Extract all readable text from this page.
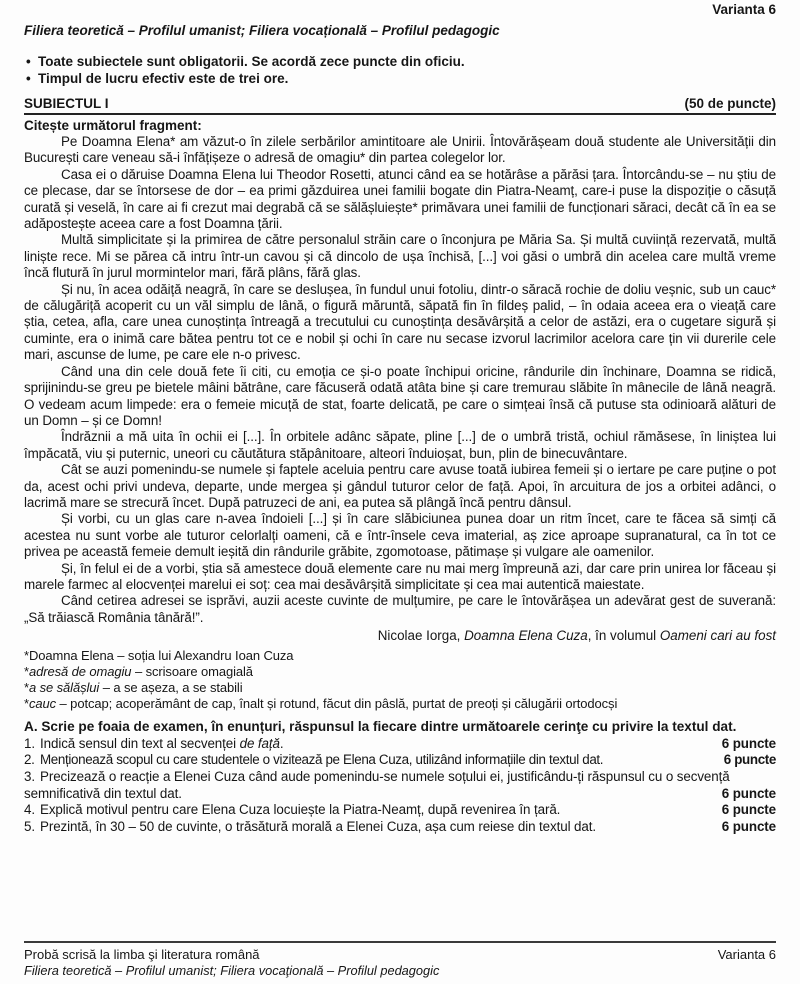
Varianta 6
Filiera teoretică – Profilul umanist; Filiera vocațională – Profilul pedagogic
• Toate subiectele sunt obligatorii. Se acordă zece puncte din oficiu.
• Timpul de lucru efectiv este de trei ore.
SUBIECTUL I	(50 de puncte)
Citește următorul fragment:

Pe Doamna Elena* am văzut-o în zilele serbărilor amintitoare ale Unirii. Întovărășeam două studente ale Universității din București care veneau să-i înfățișeze o adresă de omagiu* din partea colegelor lor.

Casa ei o dăruise Doamna Elena lui Theodor Rosetti, atunci când ea se hotărâse a părăsi țara. Întorcându-se – nu știu de ce plecase, dar se întorsese de dor – ea primi găzduirea unei familii bogate din Piatra-Neamț, care-i puse la dispoziție o căsuță curată și veselă, în care ai fi crezut mai degrabă că se sălășluiește* primăvara unei familii de funcționari săraci, decât că în ea se adăpostește aceea care a fost Doamna țării.

Multă simplicitate și la primirea de către personalul străin care o înconjura pe Măria Sa. Și multă cuviință rezervată, multă liniște rece. Mi se părea că intru într-un cavou și că dincolo de ușa închisă, [...] voi găsi o umbră din acelea care multă vreme încă flutură în jurul mormintelor mari, fără plâns, fără glas.

Și nu, în acea odăiță neagră, în care se deslușea, în fundul unui fotoliu, dintr-o săracă rochie de doliu veșnic, sub un cauc* de călugăriță acoperit cu un văl simplu de lână, o figură măruntă, săpată fin în fildeș palid, – în odaia aceea era o vieață care știa, cetea, afla, care unea cunoștința întreagă a trecutului cu cunoștința desăvârșită a celor de astăzi, era o cugetare sigură și cuminte, era o inimă care bătea pentru tot ce e nobil și ochi în care nu secase izvorul lacrimilor acelora care țin vii durerile cele mari, ascunse de lume, pe care ele n-o privesc.

Când una din cele două fete îi citi, cu emoția ce și-o poate închipui oricine, rândurile din închinare, Doamna se ridică, sprijinindu-se greu pe bietele mâini bătrâne, care făcuseră odată atâta bine și care tremurau slăbite în mânecile de lână neagră. O vedeam acum limpede: era o femeie micuță de stat, foarte delicată, pe care o simțeai însă că putuse sta odinioară alături de un Domn – și ce Domn!

Îndrăznii a mă uita în ochii ei [...]. În orbitele adânc săpate, pline [...] de o umbră tristă, ochiul rămăsese, în liniștea lui împăcată, viu și puternic, uneori cu căutătura stăpânitoare, alteori înduioșat, bun, plin de binecuvântare.

Cât se auzi pomenindu-se numele și faptele aceluia pentru care avuse toată iubirea femeii și o iertare pe care puține o pot da, acest ochi privi undeva, departe, unde mergea și gândul tuturor celor de față. Apoi, în arcuitura de jos a orbitei adânci, o lacrimă mare se strecură încet. După patruzeci de ani, ea putea să plângă încă pentru dânsul.

Și vorbi, cu un glas care n-avea îndoieli [...] și în care slăbiciunea punea doar un ritm încet, care te făcea să simți că acestea nu sunt vorbe ale tuturor celorlalți oameni, că e într-însele ceva imaterial, aș zice aproape supranatural, ca în tot ce privea pe această femeie demult ieșită din rândurile grăbite, zgomotoase, pătimașe și vulgare ale oamenilor.

Și, în felul ei de a vorbi, știa să amestece două elemente care nu mai merg împreună azi, dar care prin unirea lor făceau și marele farmec al elocvenței marelui ei soț: cea mai desăvârșită simplicitate și cea mai autentică maiestate.

Când cetirea adresei se isprăvi, auzii aceste cuvinte de mulțumire, pe care le întovărășea un adevărat gest de suverană: „Să trăiască România tânără!”.

Nicolae Iorga, Doamna Elena Cuza, în volumul Oameni cari au fost
*Doamna Elena – soția lui Alexandru Ioan Cuza
*adresă de omagiu – scrisoare omagială
*a se sălășlui – a se așeza, a se stabili
*cauc – potcap; acoperământ de cap, înalt și rotund, făcut din pâslă, purtat de preoți și călugării ortodocși
A. Scrie pe foaia de examen, în enunțuri, răspunsul la fiecare dintre următoarele cerinţe cu privire la textul dat.
1. Indică sensul din text al secvenței de față.	6 puncte
2. Menționează scopul cu care studentele o vizitează pe Elena Cuza, utilizând informațiile din textul dat.	6 puncte
3. Precizează o reacție a Elenei Cuza când aude pomenindu-se numele soțului ei, justificându-ți răspunsul cu o secvență semnificativă din textul dat.	6 puncte
4. Explică motivul pentru care Elena Cuza locuiește la Piatra-Neamț, după revenirea în țară.	6 puncte
5. Prezintă, în 30 – 50 de cuvinte, o trăsătură morală a Elenei Cuza, așa cum reiese din textul dat.	6 puncte
Probă scrisă la limba şi literatura română	Varianta 6
Filiera teoretică – Profilul umanist; Filiera vocaţională – Profilul pedagogic
